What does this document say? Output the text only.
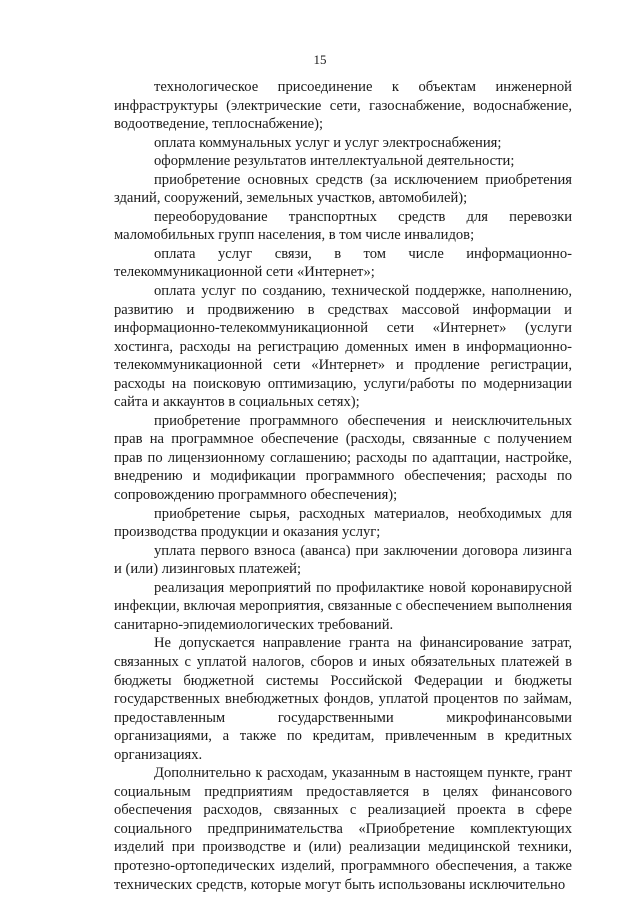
15

технологическое присоединение к объектам инженерной инфраструктуры (электрические сети, газоснабжение, водоснабжение, водоотведение, теплоснабжение);

оплата коммунальных услуг и услуг электроснабжения;

оформление результатов интеллектуальной деятельности;

приобретение основных средств (за исключением приобретения зданий, сооружений, земельных участков, автомобилей);

переоборудование транспортных средств для перевозки маломобильных групп населения, в том числе инвалидов;

оплата услуг связи, в том числе информационно-телекоммуникационной сети «Интернет»;

оплата услуг по созданию, технической поддержке, наполнению, развитию и продвижению в средствах массовой информации и информационно-телекоммуникационной сети «Интернет» (услуги хостинга, расходы на регистрацию доменных имен в информационно-телекоммуникационной сети «Интернет» и продление регистрации, расходы на поисковую оптимизацию, услуги/работы по модернизации сайта и аккаунтов в социальных сетях);

приобретение программного обеспечения и неисключительных прав на программное обеспечение (расходы, связанные с получением прав по лицензионному соглашению; расходы по адаптации, настройке, внедрению и модификации программного обеспечения; расходы по сопровождению программного обеспечения);

приобретение сырья, расходных материалов, необходимых для производства продукции и оказания услуг;

уплата первого взноса (аванса) при заключении договора лизинга и (или) лизинговых платежей;

реализация мероприятий по профилактике новой коронавирусной инфекции, включая мероприятия, связанные с обеспечением выполнения санитарно-эпидемиологических требований.

Не допускается направление гранта на финансирование затрат, связанных с уплатой налогов, сборов и иных обязательных платежей в бюджеты бюджетной системы Российской Федерации и бюджеты государственных внебюджетных фондов, уплатой процентов по займам, предоставленным государственными микрофинансовыми организациями, а также по кредитам, привлеченным в кредитных организациях.

Дополнительно к расходам, указанным в настоящем пункте, грант социальным предприятиям предоставляется в целях финансового обеспечения расходов, связанных с реализацией проекта в сфере социального предпринимательства «Приобретение комплектующих изделий при производстве и (или) реализации медицинской техники, протезно-ортопедических изделий, программного обеспечения, а также технических средств, которые могут быть использованы исключительно
